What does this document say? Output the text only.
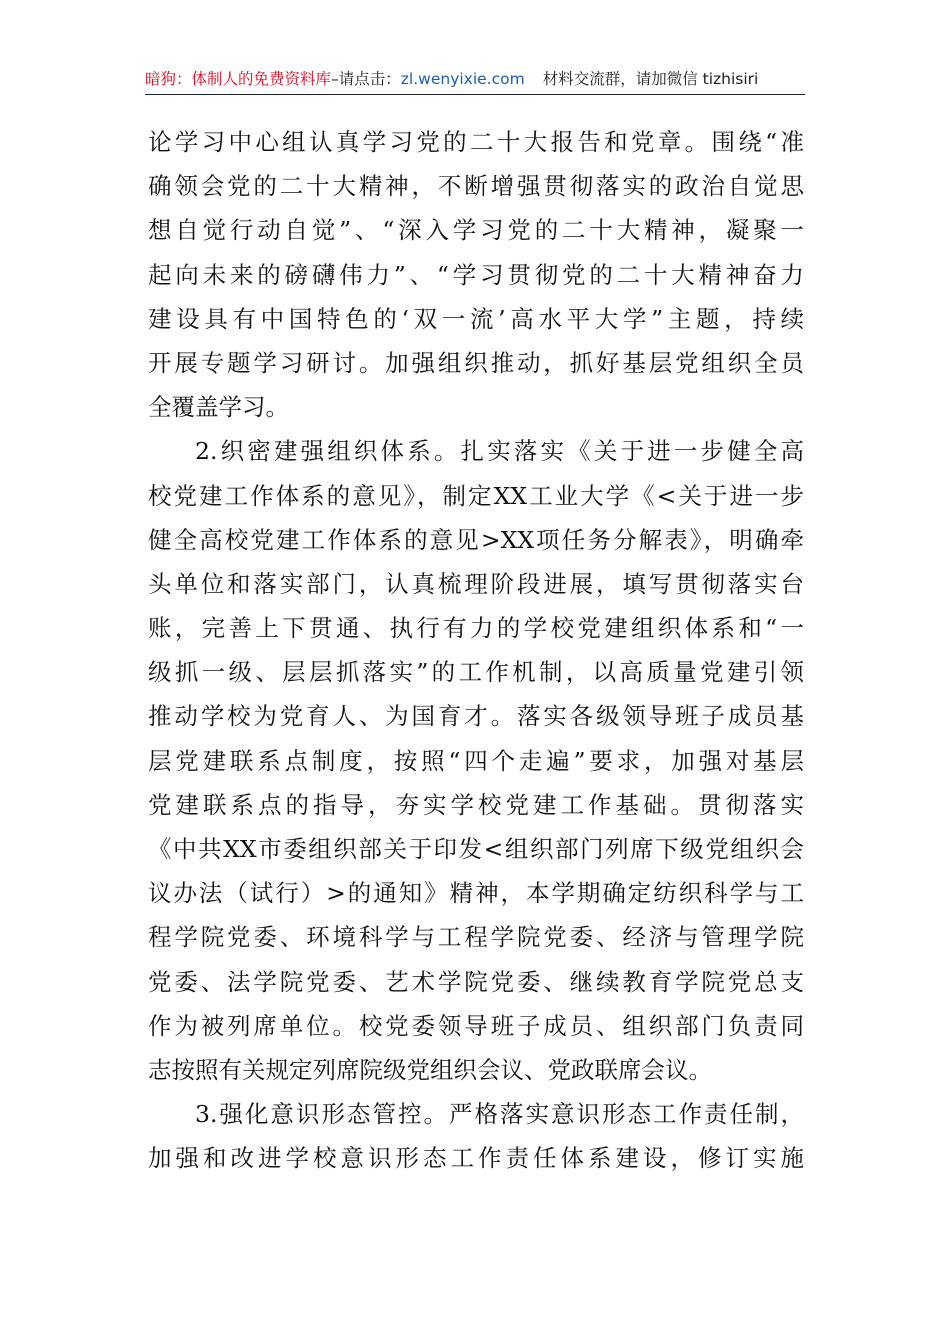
暗狗：体制人的免费资料库–请点击：zl.wenyixie.com 材料交流群，请加微信 tizhisiri
论学习中心组认真学习党的二十大报告和党章。围绕“准
确领会党的二十大精神，不断增强贯彻落实的政治自觉思
想自觉行动自觉”、“深入学习党的二十大精神，凝聚一
起向未来的磅礴伟力”、“学习贯彻党的二十大精神奋力
建设具有中国特色的‘双一流’高水平大学”主题，持续
开展专题学习研讨。加强组织推动，抓好基层党组织全员
全覆盖学习。
2.织密建强组织体系。扎实落实《关于进一步健全高
校党建工作体系的意见》，制定XX工业大学《<关于进一步
健全高校党建工作体系的意见>XX项任务分解表》，明确牵
头单位和落实部门，认真梳理阶段进展，填写贯彻落实台
账，完善上下贯通、执行有力的学校党建组织体系和“一
级抓一级、层层抓落实”的工作机制，以高质量党建引领
推动学校为党育人、为国育才。落实各级领导班子成员基
层党建联系点制度，按照“四个走遍”要求，加强对基层
党建联系点的指导，夯实学校党建工作基础。贯彻落实
《中共XX市委组织部关于印发<组织部门列席下级党组织会
议办法（试行）>的通知》精神，本学期确定纺织科学与工
程学院党委、环境科学与工程学院党委、经济与管理学院
党委、法学院党委、艺术学院党委、继续教育学院党总支
作为被列席单位。校党委领导班子成员、组织部门负责同
志按照有关规定列席院级党组织会议、党政联席会议。
3.强化意识形态管控。严格落实意识形态工作责任制，
加强和改进学校意识形态工作责任体系建设，修订实施
